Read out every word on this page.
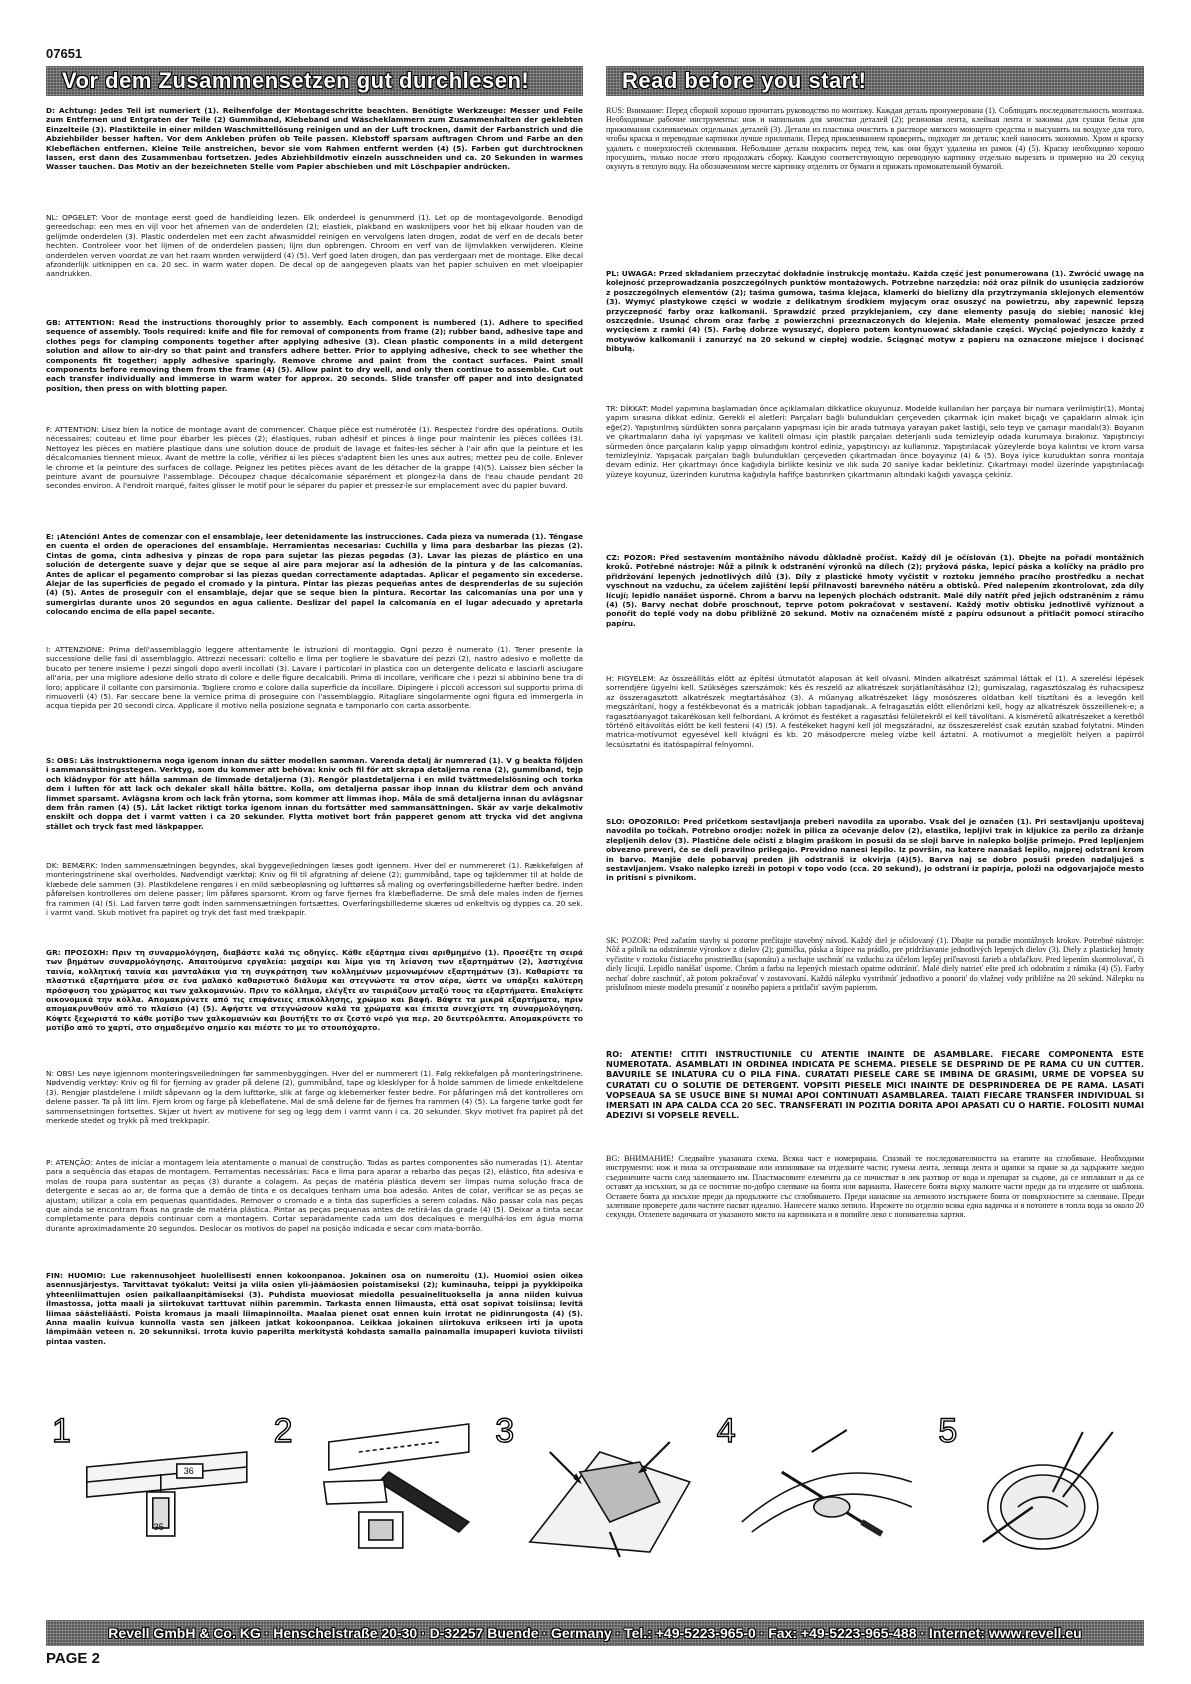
07651
Vor dem Zusammensetzen gut durchlesen!	Read before you start!

D: Achtung: Jedes Teil ist numeriert (1). Reihenfolge der Montageschritte beachten. Benötigte Werkzeuge: Messer und Feile zum Entfernen und Entgraten der Teile (2) Gummiband, Klebeband und Wäscheklammern zum Zusammenhalten der geklebten Einzelteile (3). Plastikteile in einer milden Waschmittellösung reinigen und an der Luft trocknen, damit der Farbanstrich und die Abziehbilder besser haften. Vor dem Ankleben prüfen ob Teile passen. Klebstoff sparsam auftragen Chrom und Farbe an den Klebeflächen entfernen. Kleine Teile anstreichen, bevor sie vom Rahmen entfernt werden (4) (5). Farben gut durchtrocknen lassen, erst dann des Zusammenbau fortsetzen. Jedes Abziehbildmotiv einzeln ausschneiden und ca. 20 Sekunden in warmes Wasser tauchen. Das Motiv an der bezeichneten Stelle vom Papier abschieben und mit Löschpapier andrücken.

NL: OPGELET: Voor de montage eerst goed de handleiding lezen. Elk onderdeel is genummerd (1). Let op de montagevolgorde. Benodigd gereedschap: een mes en vijl voor het afnemen van de onderdelen (2); elastiek, plakband en wasknijpers voor het bij elkaar houden van de gelijmde onderdelen (3). Plastic onderdelen met een zacht afwasmiddel reinigen en vervolgens laten drogen, zodat de verf en de decals beter hechten. Controleer voor het lijmen of de onderdelen passen; lijm dun opbrengen. Chroom en verf van de lijmvlakken verwijderen. Kleine onderdelen verven voordat ze van het raam worden verwijderd (4) (5). Verf goed laten drogen, dan pas verdergaan met de montage. Elke decal afzonderlijk uitknippen en ca. 20 sec. in warm water dopen. De decal op de aangegeven plaats van het papier schuiven en met vloeipapier aandrukken.

GB: ATTENTION: Read the instructions thoroughly prior to assembly. Each component is numbered (1). Adhere to specified sequence of assembly. Tools required: knife and file for removal of components from frame (2); rubber band, adhesive tape and clothes pegs for clamping components together after applying adhesive (3). Clean plastic components in a mild detergent solution and allow to air-dry so that paint and transfers adhere better. Prior to applying adhesive, check to see whether the components fit together; apply adhesive sparingly. Remove chrome and paint from the contact surfaces. Paint small components before removing them from the frame (4) (5). Allow paint to dry well, and only then continue to assemble. Cut out each transfer individually and immerse in warm water for approx. 20 seconds. Slide transfer off paper and into designated position, then press on with blotting paper.

F: ATTENTION: Lisez bien la notice de montage avant de commencer. Chaque pièce est numérotée (1). Respectez l'ordre des opérations. Outils nécessaires: couteau et lime pour ébarber les pièces (2); élastiques, ruban adhésif et pinces à linge pour maintenir les pièces collées (3). Nettoyez les pièces en matière plastique dans une solution douce de produit de lavage et faites-les sécher à l'air afin que la peinture et les décalcomanies tiennent mieux. Avant de mettre la colle, vérifiez si les pièces s'adaptent bien les unes aux autres; mettez peu de colle. Enlever le chrome et la peinture des surfaces de collage. Peignez les petites pièces avant de les détacher de la grappe (4)(5). Laissez bien sécher la peinture avant de poursuivre l'assemblage. Découpez chaque décalcomanie séparément et plongez-la dans de l'eau chaude pendant 20 secondes environ. A l'endroit marqué, faites glisser le motif pour le séparer du papier et pressez-le sur emplacement avec du papier buvard.

E: ¡Atención! Antes de comenzar con el ensamblaje, leer detenidamente las instrucciones. Cada pieza va numerada (1). Téngase en cuenta el orden de operaciones del ensamblaje. Herramientas necesarias: Cuchilla y lima para desbarbar las piezas (2). Cintas de goma, cinta adhesiva y pinzas de ropa para sujetar las piezas pegadas (3). Lavar las piezas de plástico en una solución de detergente suave y dejar que se seque al aire para mejorar así la adhesión de la pintura y de las calcomanías. Antes de aplicar el pegamento comprobar si las piezas quedan correctamente adaptadas. Aplicar el pegamento sin excederse. Alejar de las superficies de pegado el cromado y la pintura. Pintar las piezas pequeñas antes de desprenderlas de su sujeción (4) (5). Antes de proseguir con el ensamblaje, dejar que se seque bien la pintura. Recortar las calcomanías una por una y sumergirlas durante unos 20 segundos en agua caliente. Deslizar del papel la calcomanía en el lugar adecuado y apretarla colocando encima de ella papel secante.

I: ATTENZIONE: Prima dell'assemblaggio leggere attentamente le istruzioni di montaggio. Ogni pezzo è numerato (1). Tener presente la successione delle fasi di assemblaggio. Attrezzi necessari: coltello e lima per togliere le sbavature dei pezzi (2), nastro adesivo e mollette da bucato per tenere insieme i pezzi singoli dopo averli incollati (3). Lavare i particolari in plastica con un detergente delicato e lasciarli asciugare all'aria, per una migliore adesione dello strato di colore e delle figure decalcabili. Prima di incollare, verificare che i pezzi si abbinino bene tra di loro; applicare il collante con parsimonia. Togliere cromo e colore dalla superficie da incollare. Dipingere i piccoli accessori sul supporto prima di rimuoverli (4) (5). Far seccare bene la vernice prima di proseguire con l'assemblaggio. Ritagliare singolarmente ogni figura ed immergerla in acqua tiepida per 20 secondi circa. Applicare il motivo nella posizione segnata e tamponarlo con carta assorbente.

S: OBS: Läs instruktionerna noga igenom innan du sätter modellen samman. Varenda detalj är numrerad (1). V g beakta följden i sammansättningsstegen. Verktyg, som du kommer att behöva: kniv och fil för att skrapa detaljerna rena (2), gummiband, tejp och klädnypor för att hålla samman de limmade detaljerna (3). Rengör plastdetaljerna i en mild tvättmedelslösning och torka dem i luften för att lack och dekaler skall hålla bättre. Kolla, om detaljerna passar ihop innan du klistrar dem och använd limmet sparsamt. Avlägsna krom och lack från ytorna, som kommer att limmas ihop. Måla de små detaljerna innan du avlägsnar dem från ramen (4) (5). Låt lacket riktigt torka igenom innan du fortsätter med sammansättningen. Skär av varje dekalmotiv enskilt och doppa det i varmt vatten i ca 20 sekunder. Flytta motivet bort från papperet genom att trycka vid det angivna stället och tryck fast med läskpapper.

DK: BEMÆRK: Inden sammensætningen begyndes, skal byggevejledningen læses godt igennem. Hver del er nummereret (1). Rækkefølgen af monteringstrinene skal overholdes. Nødvendigt værktøj: Kniv og fil til afgratning af delene (2); gummibånd, tape og tøjklemmer til at holde de klæbede dele sammen (3). Plastikdelene rengøres i en mild sæbeopløsning og lufttørres så maling og overføringsbillederne hæfter bedre. Inden påførelsen kontrolleres om delene passer; lim påføres sparsomt. Krom og farve fjernes fra klæbefladerne. De små dele males inden de fjernes fra rammen (4) (5). Lad farven tørre godt inden sammensætningen fortsættes. Overføringsbillederne skæres ud enkeltvis og dyppes ca. 20 sek. i varmt vand. Skub motivet fra papiret og tryk det fast med trækpapir.

GR: ΠΡΟΣΟΧΗ: Πριν τη συναρμολόγηση, διαβάστε καλά τις οδηγίες. Κάθε εξάρτημα είναι αριθμημένο (1). Προσέξτε τη σειρά των βημάτων συναρμολόγησης. Απαιτούμενα εργαλεία: μαχαίρι και λίμα για τη λείανση των εξαρτημάτων (2), λαστιχένια ταινία, κολλητική ταινία και μανταλάκια για τη συγκράτηση των κολλημένων μεμονωμένων εξαρτημάτων (3). Καθαρίστε τα πλαστικά εξαρτήματα μέσα σε ένα μαλακό καθαριστικό διάλυμα και στεγνώστε τα στον αέρα, ώστε να υπάρξει καλύτερη πρόσφυση του χρώματος και των χαλκομανιών. Πριν το κόλλημα, ελέγξτε αν ταιριάζουν μεταξύ τους τα εξαρτήματα. Επαλείψτε οικονομικά την κόλλα. Απομακρύνετε από τις επιφάνειες επικόλλησης, χρώμιο και βαφή. Βάψτε τα μικρά εξαρτήματα, πριν απομακρυνθούν από το πλαίσιο (4) (5). Αφήστε να στεγνώσουν καλά τα χρώματα και έπειτα συνεχίστε τη συναρμολόγηση. Κόψτε ξεχωριστά το κάθε μοτίβο των χαλκομανιών και βουτήξτε το σε ζεστό νερό για περ. 20 δευτερόλεπτα. Απομακρύνετε το μοτίβο από το χαρτί, στο σημαδεμένο σημείο και πιέστε το με το στουπόχαρτο.

N: OBS! Les nøye igjennom monteringsveiledningen før sammenbyggingen. Hver del er nummerert (1). Følg rekkefølgen på monteringstrinene. Nødvendig verktøy: Kniv og fil for fjerning av grader på delene (2), gummibånd, tape og klesklyper for å holde sammen de limede enkeltdelene (3). Rengjør plastdelene i mildt såpevann og la dem lufttørke, slik at farge og klebemerker fester bedre. For påføringen må det kontrolleres om delene passer. Ta på litt lim. Fjern krom og farge på klebeflatene. Mal de små delene før de fjernes fra rammen (4) (5). La fargene tørke godt før sammensetningen fortsettes. Skjær ut hvert av motivene for seg og legg dem i varmt vann i ca. 20 sekunder. Skyv motivet fra papiret på det merkede stedet og trykk på med trekkpapir.

P: ATENÇÃO: Antes de iniciar a montagem leia atentamente o manual de construção. Todas as partes componentes são numeradas (1). Atentar para a sequência das etapas de montagem. Ferramentas necessárias: Faca e lima para aparar a rebarba das peças (2), elástico, fita adesiva e molas de roupa para sustentar as peças (3) durante a colagem. As peças de matéria plástica devem ser limpas numa solução fraca de detergente e secas ao ar, de forma que a demão de tinta e os decalques tenham uma boa adesão. Antes de colar, verificar se as peças se ajustam; utilizar a cola em pequenas quantidades. Remover o cromado e a tinta das superfícies a serem coladas. Não passar cola nas peças que ainda se encontram fixas na grade de matéria plástica. Pintar as peças pequenas antes de retirá-las da grade (4) (5). Deixar a tinta secar completamente para depois continuar com a montagem. Cortar separadamente cada um dos decalques e mergulhá-los em água morna durante aproximadamente 20 segundos. Deslocar os motivos do papel na posição indicada e secar com mata-borrão.

FIN: HUOMIO: Lue rakennusohjeet huolellisesti ennen kokoonpanoa. Jokainen osa on numeroitu (1). Huomioi osien oikea asennusjärjestys. Tarvittavat työkalut: Veitsi ja viila osien yli-jäämäosien poistamiseksi (2); kuminauha, teippi ja pyykkipoika yhteenliimattujen osien paikallaanpitämiseksi (3). Puhdista muoviosat miedolla pesuainelituoksella ja anna niiden kuivua ilmastossa, jotta maali ja siirtokuvat tarttuvat niihin paremmin. Tarkasta ennen liimausta, että osat sopivat toisiinsa; levitä liimaa säästeliäästi. Poista kromaus ja maali liimapinnoilta. Maalaa pienet osat ennen kuin irrotat ne pidinrungosta (4) (5). Anna maalin kuivua kunnolla vasta sen jälkeen jatkat kokoonpanoa. Leikkaa jokainen siirtokuva erikseen irti ja upota lämpimään veteen n. 20 sekunniksi. Irrota kuvio paperilta merkitystä kohdasta samalla painamalla imupaperi kuviota tiiviisti pintaa vasten.

RUS: Внимание: Перед сборкой хорошо прочитать руководство по монтажу. Каждая деталь пронумерована (1). Соблюдать последовательность монтажа. Необходимые рабочие инструменты: нож и напильник для зачистки деталей (2); резиновая лента, клейкая лента и зажимы для сушки белья для прижимания склеиваемых отдельных деталей (3). Детали из пластика очистить в растворе мягкого моющего средства и высушить на воздухе для того, чтобы краска и переводные картинки лучше прилипали. Перед приклеиванием проверить, подходят ли детали; клей наносить экономно. Хром и краску удалить с поверхностей склеивания. Небольшие детали покрасить перед тем, как они будут удалены из рамок (4) (5). Краску необходимо хорошо просушить, только после этого продолжать сборку. Каждую соответствующую переводную картинку отдельно вырезать и примерно на 20 секунд окунуть в теплую воду. На обозначенном месте картинку отделить от бумаги и прижать промокательной бумагой.

PL: UWAGA: Przed składaniem przeczytać dokładnie instrukcję montażu. Każda część jest ponumerowana (1). Zwrócić uwagę na kolejność przeprowadzania poszczególnych punktów montażowych. Potrzebne narzędzia: nóż oraz pilnik do usunięcia zadziorów z poszczególnych elementów (2); taśma gumowa, taśma klejąca, klamerki do bielizny dla przytrzymania sklejonych elementów (3). Wymyć plastykowe części w wodzie z delikatnym środkiem myjącym oraz osuszyć na powietrzu, aby zapewnić lepszą przyczepność farby oraz kalkomanii. Sprawdzić przed przyklejaniem, czy dane elementy pasują do siebie; nanosić klej oszczędnie. Usunąć chrom oraz farbę z powierzchni przeznaczonych do klejenia. Małe elementy pomalować jeszcze przed wycięciem z ramki (4) (5). Farbę dobrze wysuszyć, dopiero potem kontynuować składanie części. Wyciąć pojedynczo każdy z motywów kalkomanii i zanurzyć na 20 sekund w ciepłej wodzie. Ściągnąć motyw z papieru na oznaczone miejsce i docisnąć bibułą.

TR: DİKKAT: Model yapımına başlamadan önce açıklamaları dikkatlice okuyunuz. Modelde kullanılan her parçaya bir numara verilmiştir(1). Montaj yapım sırasına dikkat ediniz. Gerekli el aletleri: Parçaları bağlı bulundukları çerçeveden çıkarmak için maket bıçağı ve çapakların almak için eğe(2). Yapıştırılmış sürdükten sonra parçaların yapışması için bir arada tutmaya yarayan paket lastiği, selo teyp ve çamaşır mandalı(3). Boyanın ve çıkartmaların daha iyi yapışması ve kaliteli olması için plastik parçaları deterjanlı suda temizleyip odada kurumaya bırakınız. Yapıştırıcıyı sürmeden önce parçaların kalıp yapıp olmadığını kontrol ediniz, yapıştırıcıyı az kullanınız. Yapıştırılacak yüzeylerde boya kalıntısı ve krom varsa temizleyiniz. Yapışacak parçaları bağlı bulundukları çerçeveden çıkartmadan önce boyayınız (4) & (5). Boya iyice kuruduktan sonra montaja devam ediniz. Her çıkartmayı önce kağıdıyla birlikte kesiniz ve ılık suda 20 saniye kadar bekletiniz. Çıkartmayı model üzerinde yapıştırılacağı yüzeye koyunuz, üzerinden kurutma kağıdıyla hafifçe bastırırken çıkartmanın altındaki kağıdı yavaşça çekiniz.

CZ: POZOR: Před sestavením montážního návodu důkladně pročíst. Každý díl je očíslován (1). Dbejte na pořadí montážních kroků. Potřebné nástroje: Nůž a pilník k odstranění výronků na dílech (2); pryžová páska, lepicí páska a kolíčky na prádlo pro přidržování lepených jednotlivých dílů (3). Díly z plastické hmoty vyčistit v roztoku jemného pracího prostředku a nechat vyschnout na vzduchu, za účelem zajištění lepší přilnavosti barevného nátěru a obtisků. Před nalepením zkontrolovat, zda díly lícují; lepidlo nanášet úsporně. Chrom a barvu na lepených plochách odstranit. Malé díly natřít před jejich odstraněním z rámu (4) (5). Barvy nechat dobře proschnout, teprve potom pokračovat v sestavení. Každý motiv obtisku jednotlivě vyříznout a ponořit do teplé vody na dobu přibližně 20 sekund. Motiv na označeném místě z papíru odsunout a přitlačit pomocí stíracího papíru.

H: FIGYELEM: Az összeállítás előtt az építési útmutatót alaposan át kell olvasni. Minden alkatrészt számmal láttak el (1). A szerelési lépések sorrendjére ügyelni kell. Szükséges szerszámok: kés és reszelő az alkatrészek sorjátlanításához (2); gumiszalag, ragasztószalag és ruhacsipesz az összeragasztott alkatrészek megtartásához (3). A műanyag alkatrészeket lágy mosószeres oldatban kell tisztítani és a levegőn kell megszárítani, hogy a festékbevonat és a matricák jobban tapadjanak. A felragasztás előtt ellenőrizni kell, hogy az alkatrészek összeillenek-e; a ragasztóanyagot takarékosan kell felhordani. A krómot és festéket a ragasztási felületekről el kell távolítani. A kisméretű alkatrészeket a keretből történő eltávolítás előtt be kell festeni (4) (5). A festékeket hagyni kell jól megszáradni, az összeszerelést csak ezután szabad folytatni. Minden matrica-motívumot egyesével kell kivágni és kb. 20 másodpercre meleg vízbe kell áztatni. A motívumot a megjelölt helyen a papírról lecsúsztatni és itatóspapírral felnyomni.

SLO: OPOZORILO: Pred pričetkom sestavljanja preberi navodila za uporabo. Vsak del je označen (1). Pri sestavljanju upoštevaj navodila po točkah. Potrebno orodje: nožek in pilica za očevanje delov (2), elastika, lepljivi trak in kljukice za perilo za držanje zlepljenih delov (3). Plastične dele očisti z blagim praškom in posuši da se sloji barve in nalepko boljše primejo. Pred lepljenjem obvezno preveri, če se deli pravilno prilegajo. Previdno nanesi lepilo. Iz površin, na katere nanašaš lepilo, najprej odstrani krom in barvo. Manjše dele pobarvaj preden jih odstraniš iz okvirja (4)(5). Barva naj se dobro posuši preden nadaljuješ s sestavljanjem. Vsako nalepko izreži in potopi v topo vodo (cca. 20 sekund), jo odstrani iz papirja, položi na odgovarjajoče mesto in pritisni s pivnikom.

SK: POZOR: Pred začatím stavby si pozorne prečítajte stavebný návod. Každý diel je očíslovaný (1). Dbajte na poradie montážnych krokov. Potrebné nástroje: Nôž a pilník na odstránenie výronkov z dielov (2); gumička, páska a štipce na prádlo, pre pridržiavanie jednotlivých lepených dielov (3). Diely z plastickej hmoty vyčistite v roztoku čistiaceho prostriedku (saponátu) a nechajte uschnúť na vzduchu za účelom lepšej priľnavosti farieb a obtlačkov. Pred lepením skontrolovať, či diely lícujú. Lepidlo nanášať úsporne. Chróm a farbu na lepených miestach opatrne odstrániť. Malé diely natrieť ešte pred ich odobratím z rámika (4) (5). Farby nechať dobre zaschnúť, až potom pokračovať v zostavovaní. Každú nálepku vystrihnúť jednotlivo a ponoriť do vlažnej vody približne na 20 sekúnd. Nálepku na príslušnom mieste modelu presunúť z nosného papiera a pritlačiť savým papierom.

RO: ATENTIE! CITITI INSTRUCTIUNILE CU ATENTIE INAINTE DE ASAMBLARE. FIECARE COMPONENTA ESTE NUMEROTATA. ASAMBLATI IN ORDINEA INDICATA PE SCHEMA. PIESELE SE DESPRIND DE PE RAMA CU UN CUTTER. BAVURILE SE INLATURA CU O PILA FINA. CURATATI PIESELE CARE SE IMBINA DE GRASIMI, URME DE VOPSEA SU CURATATI CU O SOLUTIE DE DETERGENT. VOPSITI PIESELE MICI INAINTE DE DESPRINDEREA DE PE RAMA. LASATI VOPSEAUA SA SE USUCE BINE SI NUMAI APOI CONTINUATI ASAMBLAREA. TAIATI FIECARE TRANSFER INDIVIDUAL SI IMERSATI IN APA CALDA CCA 20 SEC. TRANSFERATI IN POZITIA DORITA APOI APASATI CU O HARTIE. FOLOSITI NUMAI ADEZIVI SI VOPSELE REVELL.

BG: ВНИМАНИЕ! Следвайте указаната схема. Всяка част е номерирана. Спазвай те последователността на етапите на сглобяване. Необходими инструменти: нож и пила за отстраняване или изпиляване на отделните части; гумена лента, лепяща лента и щипки за пране за да задържите заедно съединените части след залепването им. Пластмасовите елементи да се почистват в лек разтвор от вода и препарат за съдове, да се изплакнат и да се оставят да изсъхнат, за да се постигне по-добро слепване на боята или варианта. Нанесете боята върху малките части преди да ги отделите от шаблона. Оставете боята да изсъхне преди да продължите със сглобяването. Преди нанасяне на лепилото изстържете боята от повърхностите за слепване. Преди залепване проверете дали частите пасват идеално. Нанесете малко лепило. Изрежете по отделно всяка една вадичка и я потопете в топла вода за около 20 секунди. Отлепете вадичката от указаното място на картинката и я попийте леко с попивателна хартия.

36
35
1	2	3	4	5
Revell GmbH & Co. KG · Henschelstraße 20-30 · D-32257 Buende · Germany · Tel.: +49-5223-965-0 · Fax: +49-5223-965-488 · Internet: www.revell.eu
PAGE 2
